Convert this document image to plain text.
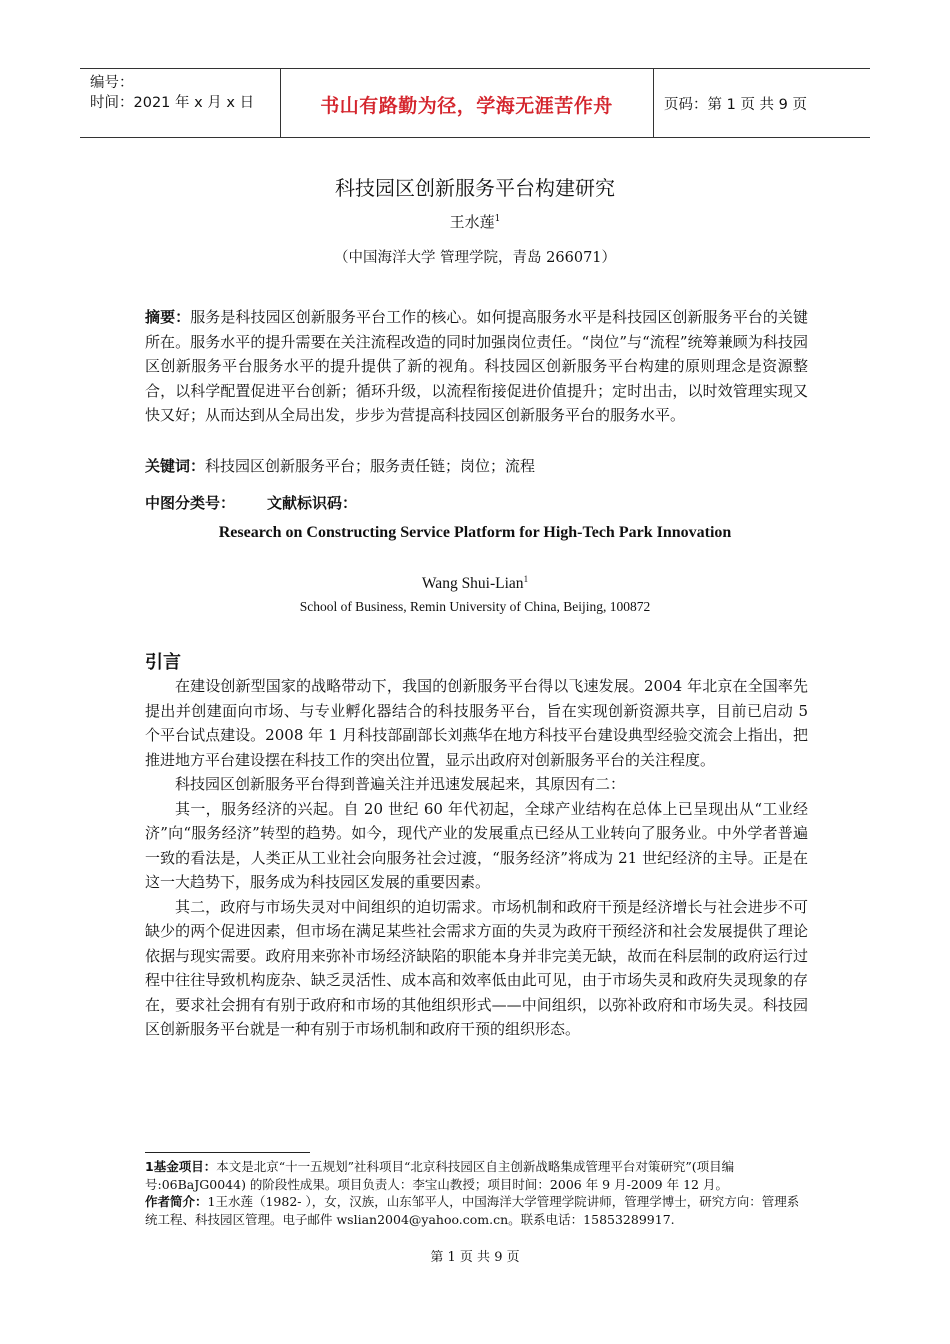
编号：
时间：2021 年 x 月 x 日	书山有路勤为径，学海无涯苦作舟	页码：第 1 页 共 9 页
科技园区创新服务平台构建研究
王水莲$^1$
（中国海洋大学 管理学院，青岛 266071）
摘要：服务是科技园区创新服务平台工作的核心。如何提高服务水平是科技园区创新服务平台的关键所在。服务水平的提升需要在关注流程改造的同时加强岗位责任。“岗位”与“流程”统筹兼顾为科技园区创新服务平台服务水平的提升提供了新的视角。科技园区创新服务平台构建的原则理念是资源整合，以科学配置促进平台创新；循环升级，以流程衔接促进价值提升；定时出击，以时效管理实现又快又好；从而达到从全局出发，步步为营提高科技园区创新服务平台的服务水平。
关键词：科技园区创新服务平台；服务责任链；岗位；流程
中图分类号： 文献标识码：
Research on Constructing Service Platform for High-Tech Park Innovation
Wang Shui-Lian$^1$
School of Business, Remin University of China, Beijing, 100872
引言

在建设创新型国家的战略带动下，我国的创新服务平台得以飞速发展。2004 年北京在全国率先提出并创建面向市场、与专业孵化器结合的科技服务平台，旨在实现创新资源共享，目前已启动 5 个平台试点建设。2008 年 1 月科技部副部长刘燕华在地方科技平台建设典型经验交流会上指出，把推进地方平台建设摆在科技工作的突出位置，显示出政府对创新服务平台的关注程度。

科技园区创新服务平台得到普遍关注并迅速发展起来，其原因有二：

其一，服务经济的兴起。自 20 世纪 60 年代初起，全球产业结构在总体上已呈现出从“工业经济”向“服务经济”转型的趋势。如今，现代产业的发展重点已经从工业转向了服务业。中外学者普遍一致的看法是，人类正从工业社会向服务社会过渡，“服务经济”将成为 21 世纪经济的主导。正是在这一大趋势下，服务成为科技园区发展的重要因素。

其二，政府与市场失灵对中间组织的迫切需求。市场机制和政府干预是经济增长与社会进步不可缺少的两个促进因素，但市场在满足某些社会需求方面的失灵为政府干预经济和社会发展提供了理论依据与现实需要。政府用来弥补市场经济缺陷的职能本身并非完美无缺，故而在科层制的政府运行过程中往往导致机构庞杂、缺乏灵活性、成本高和效率低由此可见，由于市场失灵和政府失灵现象的存在，要求社会拥有有别于政府和市场的其他组织形式——中间组织，以弥补政府和市场失灵。科技园区创新服务平台就是一种有别于市场机制和政府干预的组织形态。

1基金项目：本文是北京“十一五规划”社科项目“北京科技园区自主创新战略集成管理平台对策研究”(项目编号:06BaJG0044) 的阶段性成果。项目负责人：李宝山教授；项目时间：2006 年 9 月-2009 年 12 月。
作者简介：1王水莲（1982- ），女，汉族，山东邹平人，中国海洋大学管理学院讲师，管理学博士，研究方向：管理系统工程、科技园区管理。电子邮件 wslian2004@yahoo.com.cn。联系电话：15853289917.
第 1 页 共 9 页
